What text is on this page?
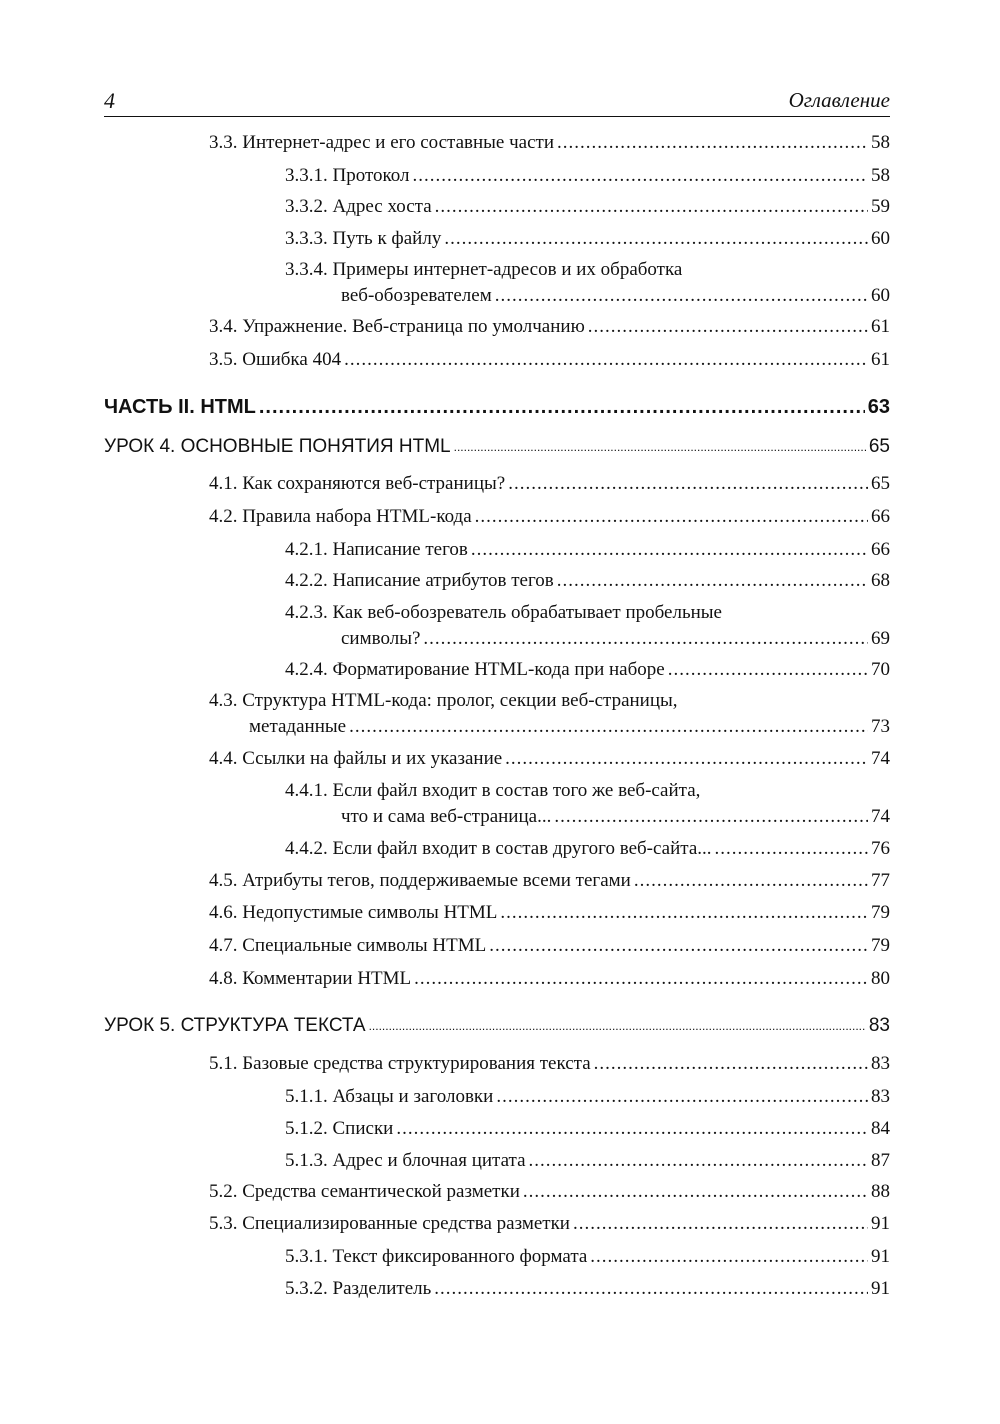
4	Оглавление
3.3. Интернет-адрес и его составные части .....	58
3.3.1. Протокол .....	58
3.3.2. Адрес хоста .....	59
3.3.3. Путь к файлу .....	60
3.3.4. Примеры интернет-адресов и их обработка
веб-обозревателем .....	60
3.4. Упражнение. Веб-страница по умолчанию .....	61
3.5. Ошибка 404 .....	61
ЧАСТЬ II. HTML .....	63
УРОК 4. ОСНОВНЫЕ ПОНЯТИЯ HTML .....	65
4.1. Как сохраняются веб-страницы? .....	65
4.2. Правила набора HTML-кода .....	66
4.2.1. Написание тегов .....	66
4.2.2. Написание атрибутов тегов .....	68
4.2.3. Как веб-обозреватель обрабатывает пробельные
символы? .....	69
4.2.4. Форматирование HTML-кода при наборе .....	70
4.3. Структура HTML-кода: пролог, секции веб-страницы,
метаданные .....	73
4.4. Ссылки на файлы и их указание .....	74
4.4.1. Если файл входит в состав того же веб-сайта,
что и сама веб-страница... .....	74
4.4.2. Если файл входит в состав другого веб-сайта... .....	76
4.5. Атрибуты тегов, поддерживаемые всеми тегами .....	77
4.6. Недопустимые символы HTML .....	79
4.7. Специальные символы HTML .....	79
4.8. Комментарии HTML .....	80
УРОК 5. СТРУКТУРА ТЕКСТА .....	83
5.1. Базовые средства структурирования текста .....	83
5.1.1. Абзацы и заголовки .....	83
5.1.2. Списки .....	84
5.1.3. Адрес и блочная цитата .....	87
5.2. Средства семантической разметки .....	88
5.3. Специализированные средства разметки .....	91
5.3.1. Текст фиксированного формата .....	91
5.3.2. Разделитель .....	91
